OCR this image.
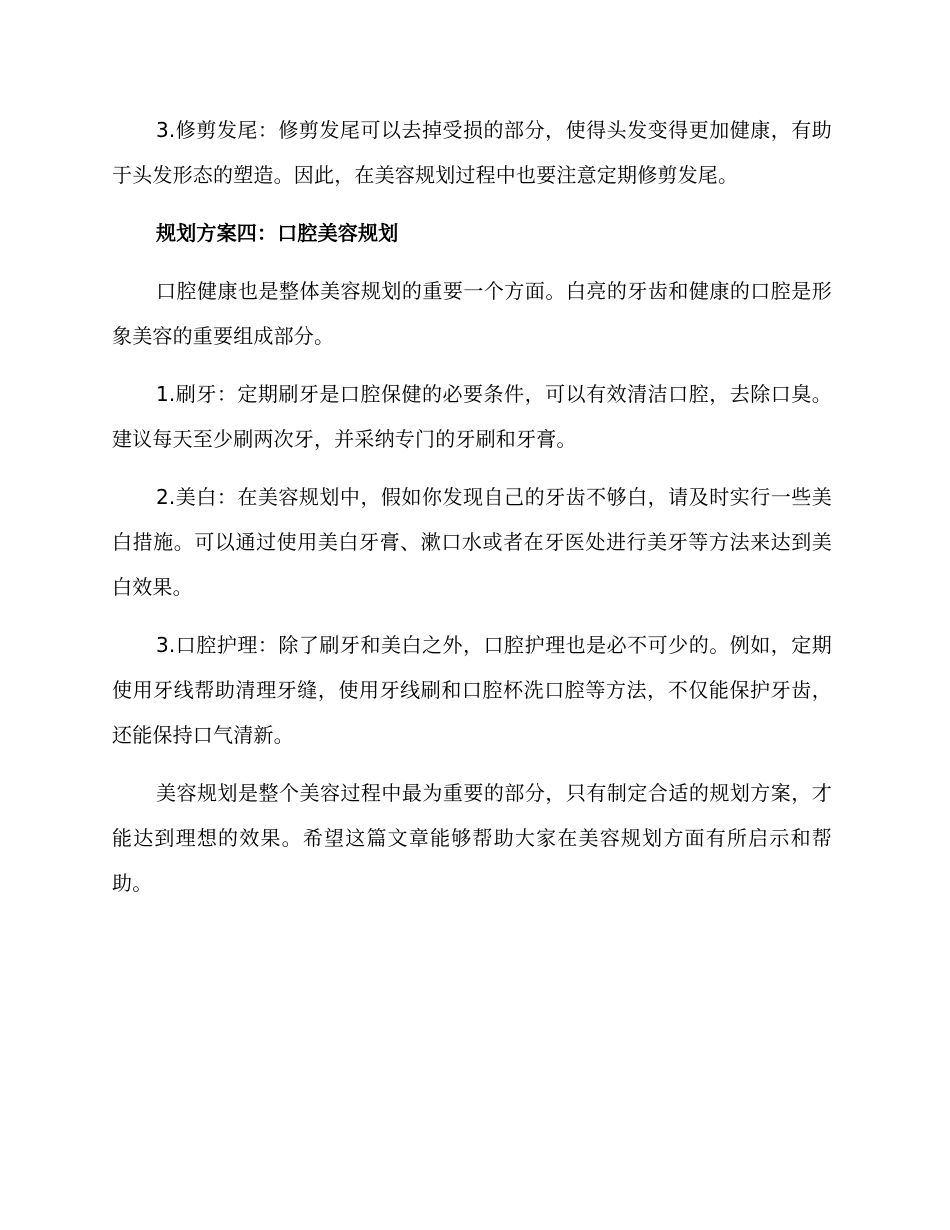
3.修剪发尾：修剪发尾可以去掉受损的部分，使得头发变得更加健康，有助于头发形态的塑造。因此，在美容规划过程中也要注意定期修剪发尾。

规划方案四：口腔美容规划

口腔健康也是整体美容规划的重要一个方面。白亮的牙齿和健康的口腔是形象美容的重要组成部分。

1.刷牙：定期刷牙是口腔保健的必要条件，可以有效清洁口腔，去除口臭。建议每天至少刷两次牙，并采纳专门的牙刷和牙膏。

2.美白：在美容规划中，假如你发现自己的牙齿不够白，请及时实行一些美白措施。可以通过使用美白牙膏、漱口水或者在牙医处进行美牙等方法来达到美白效果。

3.口腔护理：除了刷牙和美白之外，口腔护理也是必不可少的。例如，定期使用牙线帮助清理牙缝，使用牙线刷和口腔杯洗口腔等方法，不仅能保护牙齿，还能保持口气清新。

美容规划是整个美容过程中最为重要的部分，只有制定合适的规划方案，才能达到理想的效果。希望这篇文章能够帮助大家在美容规划方面有所启示和帮助。
